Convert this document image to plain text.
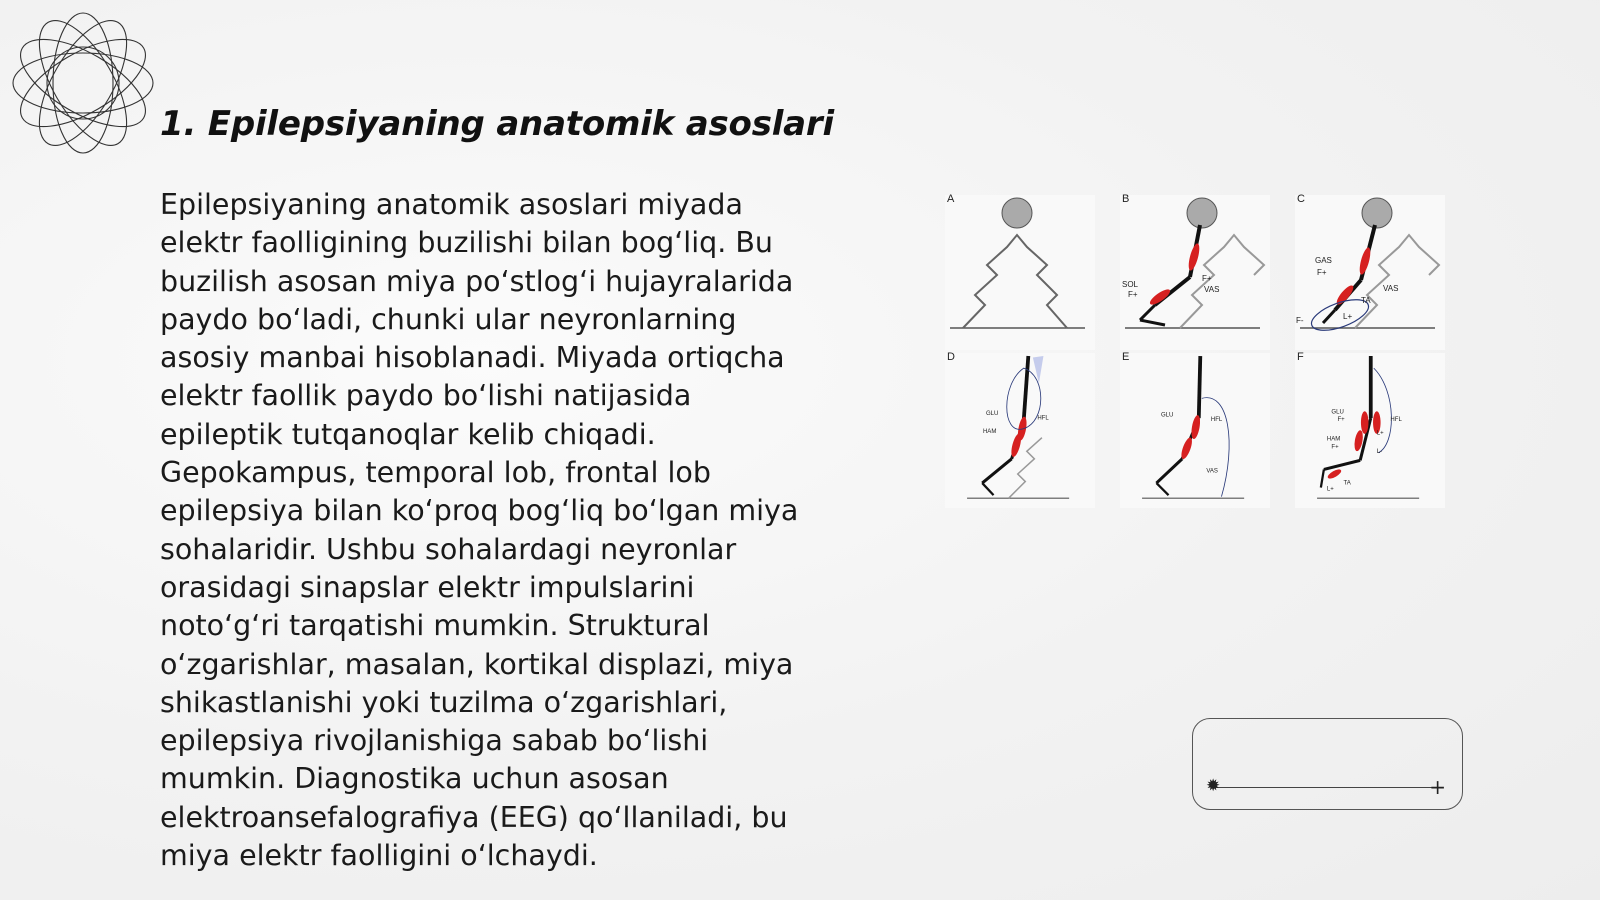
1. Epilepsiyaning anatomik asoslari
Epilepsiyaning anatomik asoslari miyada
elektr faolligining buzilishi bilan bog‘liq. Bu
buzilish asosan miya po‘stlog‘i hujayralarida
paydo bo‘ladi, chunki ular neyronlarning
asosiy manbai hisoblanadi. Miyada ortiqcha
elektr faollik paydo bo‘lishi natijasida
epileptik tutqanoqlar kelib chiqadi.
Gepokampus, temporal lob, frontal lob
epilepsiya bilan ko‘proq bog‘liq bo‘lgan miya
sohalaridir. Ushbu sohalardagi neyronlar
orasidagi sinapslar elektr impulslarini
noto‘g‘ri tarqatishi mumkin. Struktural
o‘zgarishlar, masalan, kortikal displazi, miya
shikastlanishi yoki tuzilma o‘zgarishlari,
epilepsiya rivojlanishiga sabab bo‘lishi
mumkin. Diagnostika uchun asosan
elektroansefalografiya (EEG) qo‘llaniladi, bu
miya elektr faolligini o‘lchaydi.
A
SOL
F+
F+
VAS
B
GAS
F+
VAS
TA
F-	L+
C
GLU
HFL
HAM
D
GLU
HFL
VAS
E
GLU
F+	HFL
L+
HAM
F+
L-
L+
TA
F
✹	+
